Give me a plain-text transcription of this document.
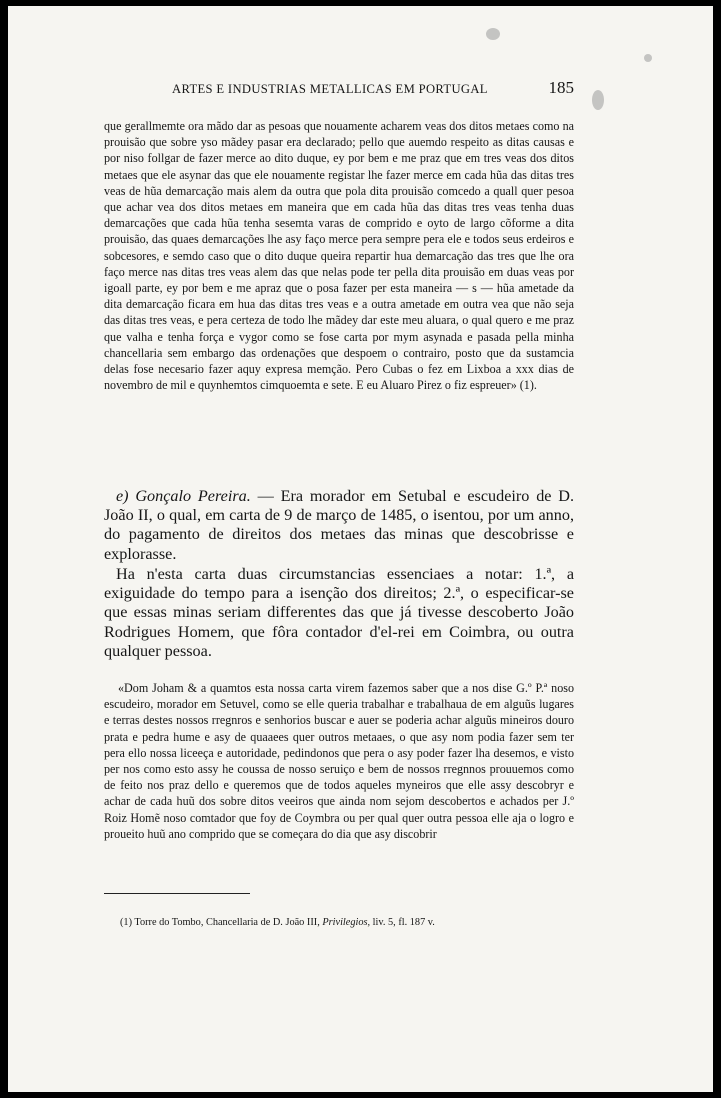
ARTES E INDUSTRIAS METALLICAS EM PORTUGAL	185

que gerallmemte ora mãdo dar as pesoas que nouamente acharem veas dos ditos metaes como na prouisão que sobre yso mãdey pasar era declarado; pello que auemdo respeito as ditas causas e por niso follgar de fazer merce ao dito duque, ey por bem e me praz que em tres veas dos ditos metaes que ele asynar das que ele nouamente registar lhe fazer merce em cada hũa das ditas tres veas de hũa demarcação mais alem da outra que pola dita prouisão comcedo a quall quer pesoa que achar vea dos ditos metaes em maneira que em cada hũa das ditas tres veas tenha duas demarcações que cada hũa tenha sesemta varas de comprido e oyto de largo cõforme a dita prouisão, das quaes demarcações lhe asy faço merce pera sempre pera ele e todos seus erdeiros e sobcesores, e semdo caso que o dito duque queira repartir hua demarcação das tres que lhe ora faço merce nas ditas tres veas alem das que nelas pode ter pella dita prouisão em duas veas por igoall parte, ey por bem e me apraz que o posa fazer per esta maneira — s — hũa ametade da dita demarcação ficara em hua das ditas tres veas e a outra ametade em outra vea que não seja das ditas tres veas, e pera certeza de todo lhe mãdey dar este meu aluara, o qual quero e me praz que valha e tenha força e vygor como se fose carta por mym asynada e pasada pella minha chancellaria sem embargo das ordenações que despoem o contrairo, posto que da sustamcia delas fose necesario fazer aquy expresa memção. Pero Cubas o fez em Lixboa a xxx dias de novembro de mil e quynhemtos cimquoemta e sete. E eu Aluaro Pirez o fiz espreuer» (1).

e) Gonçalo Pereira. — Era morador em Setubal e escudeiro de D. João II, o qual, em carta de 9 de março de 1485, o isentou, por um anno, do pagamento de direitos dos metaes das minas que descobrisse e explorasse.

Ha n'esta carta duas circumstancias essenciaes a notar: 1.ª, a exiguidade do tempo para a isenção dos direitos; 2.ª, o especificar-se que essas minas seriam differentes das que já tivesse descoberto João Rodrigues Homem, que fôra contador d'el-rei em Coimbra, ou outra qualquer pessoa.

«Dom Joham & a quamtos esta nossa carta virem fazemos saber que a nos dise G.º P.ª noso escudeiro, morador em Setuvel, como se elle queria trabalhar e trabalhaua de em alguũs lugares e terras destes nossos rregnros e senhorios buscar e auer se poderia achar alguũs mineiros douro prata e pedra hume e asy de quaaees quer outros metaaes, o que asy nom podia fazer sem ter pera ello nossa liceeça e autoridade, pedindonos que pera o asy poder fazer lha desemos, e visto per nos como esto assy he coussa de nosso seruiço e bem de nossos rregnnos prouuemos como de feito nos praz dello e queremos que de todos aqueles myneiros que elle assy descobryr e achar de cada huũ dos sobre ditos veeiros que ainda nom sejom descobertos e achados per J.º Roiz Homẽ noso comtador que foy de Coymbra ou per qual quer outra pessoa elle aja o logro e proueito huũ ano comprido que se começara do dia que asy discobrir

(1) Torre do Tombo, Chancellaria de D. João III, Privilegios, liv. 5, fl. 187 v.
